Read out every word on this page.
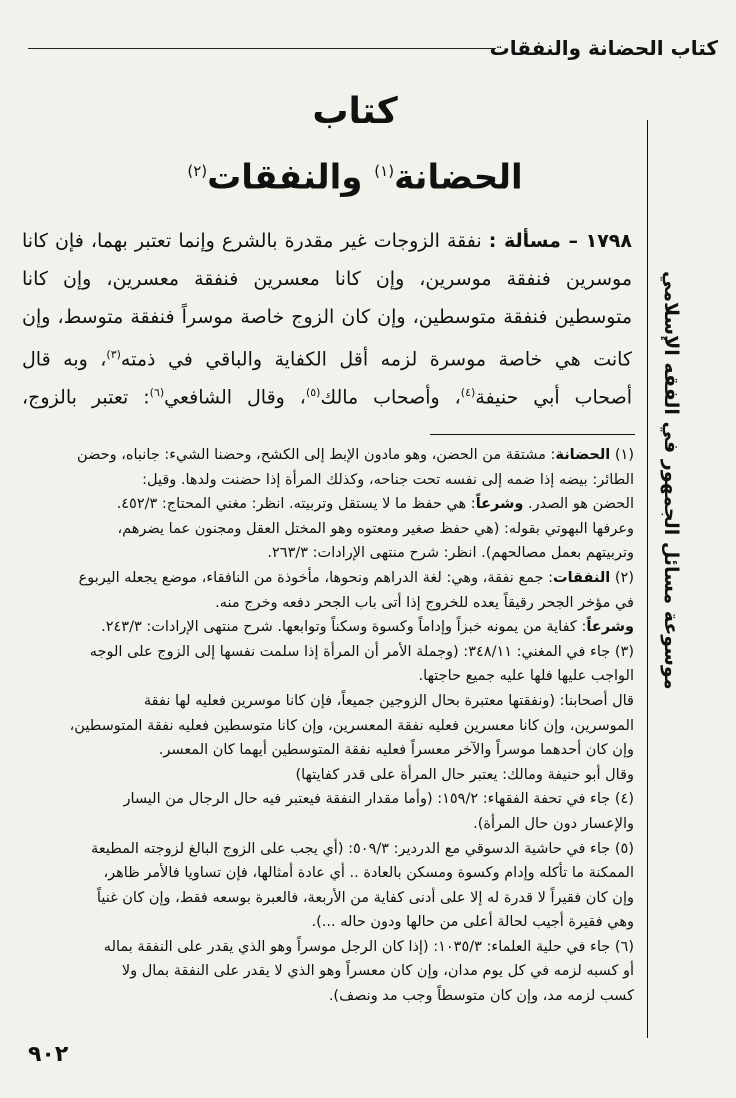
كتاب الحضانة والنفقات
كتاب
الحضانة$^{(١)}$ والنفقات$^{(٢)}$
١٧٩٨ – مسألة : نفقة الزوجات غير مقدرة بالشرع وإنما تعتبر بهما، فإن كانا
موسرين فنفقة موسرين، وإن كانا معسرين فنفقة معسرين، وإن كانا
متوسطين فنفقة متوسطين، وإن كان الزوج خاصة موسراً فنفقة متوسط، وإن
كانت هي خاصة موسرة لزمه أقل الكفاية والباقي في ذمته$^{(٣)}$، وبه قال
أصحاب أبي حنيفة$^{(٤)}$، وأصحاب مالك$^{(٥)}$، وقال الشافعي$^{(٦)}$: تعتبر بالزوج،
(١) الحضانة: مشتقة من الحضن، وهو مادون الإبط إلى الكشح، وحضنا الشيء: جانباه، وحضن
الطائر: بيضه إذا ضمه إلى نفسه تحت جناحه، وكذلك المرأة إذا حضنت ولدها. وقيل:
الحضن هو الصدر. وشرعاً: هي حفظ ما لا يستقل وتربيته. انظر: مغني المحتاج: ٤٥٢/٣.
وعرفها البهوتي بقوله: (هي حفظ صغير ومعتوه وهو المختل العقل ومجنون عما يضرهم،
وتربيتهم بعمل مصالحهم). انظر: شرح منتهى الإرادات: ٢٦٣/٣.
(٢) النفقات: جمع نفقة، وهي: لغة الدراهم ونحوها، مأخوذة من النافقاء، موضع يجعله اليربوع
في مؤخر الجحر رقيقاً يعده للخروج إذا أتى باب الجحر دفعه وخرج منه.
وشرعاً: كفاية من يمونه خبزاً وإداماً وكسوة وسكناً وتوابعها. شرح منتهى الإرادات: ٢٤٣/٣.
(٣) جاء في المغني: ٣٤٨/١١: (وجملة الأمر أن المرأة إذا سلمت نفسها إلى الزوج على الوجه
الواجب عليها فلها عليه جميع حاجتها.
قال أصحابنا: (ونفقتها معتبرة بحال الزوجين جميعاً، فإن كانا موسرين فعليه لها نفقة
الموسرين، وإن كانا معسرين فعليه نفقة المعسرين، وإن كانا متوسطين فعليه نفقة المتوسطين،
وإن كان أحدهما موسراً والآخر معسراً فعليه نفقة المتوسطين أيهما كان المعسر.
وقال أبو حنيفة ومالك: يعتبر حال المرأة على قدر كفايتها)
(٤) جاء في تحفة الفقهاء: ١٥٩/٢: (وأما مقدار النفقة فيعتبر فيه حال الرجال من اليسار
والإعسار دون حال المرأة).
(٥) جاء في حاشية الدسوقي مع الدردير: ٥٠٩/٣: (أي يجب على الزوج البالغ لزوجته المطيعة
الممكنة ما تأكله وإدام وكسوة ومسكن بالعادة .. أي عادة أمثالها، فإن تساويا فالأمر ظاهر،
وإن كان فقيراً لا قدرة له إلا على أدنى كفاية من الأربعة، فالعبرة بوسعه فقط، وإن كان غنياً
وهي فقيرة أجيب لحالة أعلى من حالها ودون حاله ...).
(٦) جاء في حلية العلماء: ١٠٣٥/٣: (إذا كان الرجل موسراً وهو الذي يقدر على النفقة بماله
أو كسبه لزمه في كل يوم مدان، وإن كان معسراً وهو الذي لا يقدر على النفقة بمال ولا
كسب لزمه مد، وإن كان متوسطاً وجب مد ونصف).
موسوعة مسائل الجمهور في الفقه الإسلامي
٩٠٢
